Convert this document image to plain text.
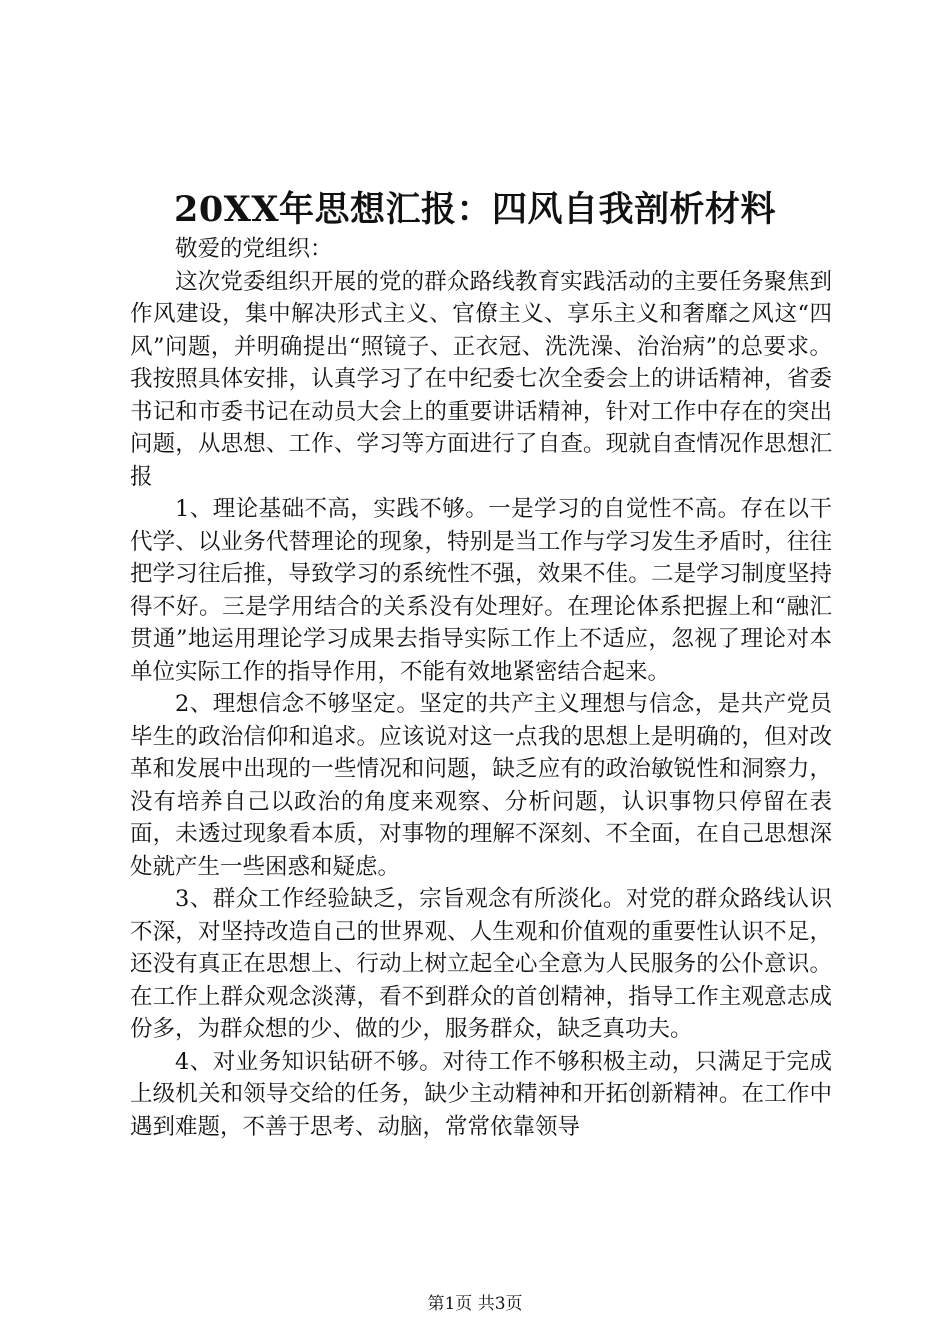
20XX年思想汇报：四风自我剖析材料

敬爱的党组织：

这次党委组织开展的党的群众路线教育实践活动的主要任务聚焦到作风建设，集中解决形式主义、官僚主义、享乐主义和奢靡之风这“四风”问题，并明确提出“照镜子、正衣冠、洗洗澡、治治病”的总要求。我按照具体安排，认真学习了在中纪委七次全委会上的讲话精神，省委书记和市委书记在动员大会上的重要讲话精神，针对工作中存在的突出问题，从思想、工作、学习等方面进行了自查。现就自查情况作思想汇报

1、理论基础不高，实践不够。一是学习的自觉性不高。存在以干代学、以业务代替理论的现象，特别是当工作与学习发生矛盾时，往往把学习往后推，导致学习的系统性不强，效果不佳。二是学习制度坚持得不好。三是学用结合的关系没有处理好。在理论体系把握上和“融汇贯通”地运用理论学习成果去指导实际工作上不适应，忽视了理论对本单位实际工作的指导作用，不能有效地紧密结合起来。

2、理想信念不够坚定。坚定的共产主义理想与信念，是共产党员毕生的政治信仰和追求。应该说对这一点我的思想上是明确的，但对改革和发展中出现的一些情况和问题，缺乏应有的政治敏锐性和洞察力，没有培养自己以政治的角度来观察、分析问题，认识事物只停留在表面，未透过现象看本质，对事物的理解不深刻、不全面，在自己思想深处就产生一些困惑和疑虑。

3、群众工作经验缺乏，宗旨观念有所淡化。对党的群众路线认识不深，对坚持改造自己的世界观、人生观和价值观的重要性认识不足，还没有真正在思想上、行动上树立起全心全意为人民服务的公仆意识。在工作上群众观念淡薄，看不到群众的首创精神，指导工作主观意志成份多，为群众想的少、做的少，服务群众，缺乏真功夫。

4、对业务知识钻研不够。对待工作不够积极主动，只满足于完成上级机关和领导交给的任务，缺少主动精神和开拓创新精神。在工作中遇到难题，不善于思考、动脑，常常依靠领导

第1页 共3页
